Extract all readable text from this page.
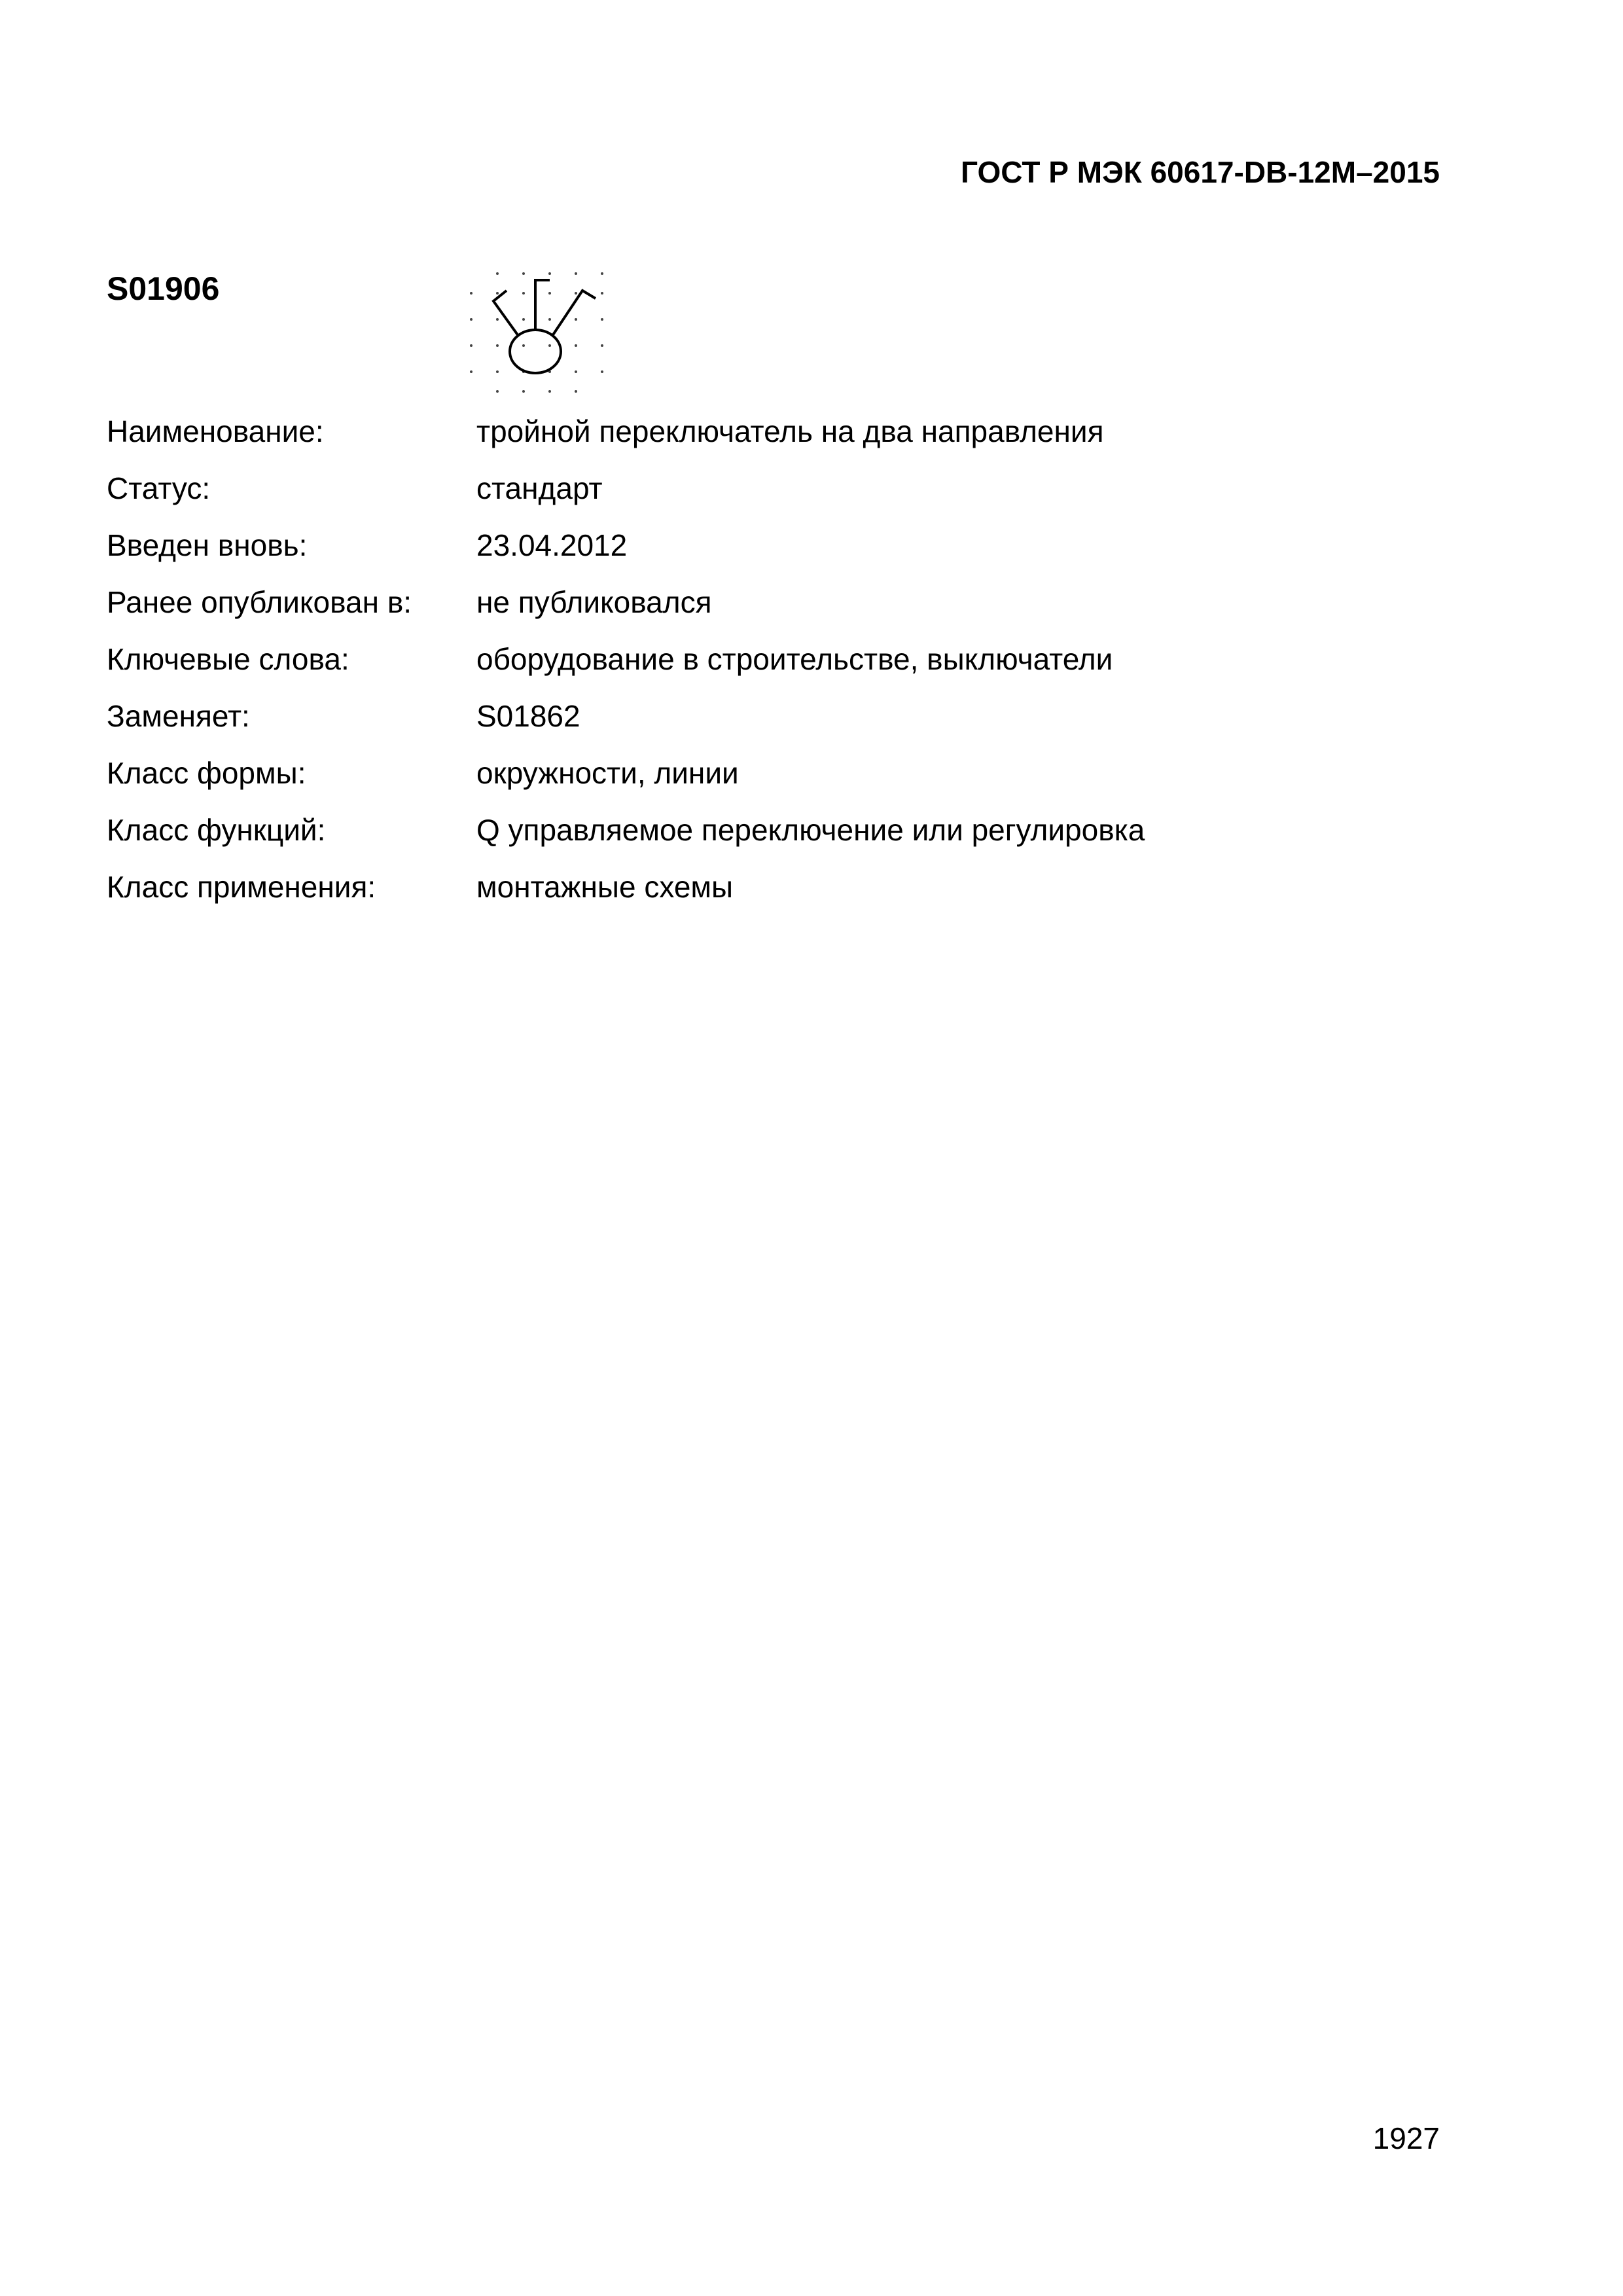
ГОСТ Р МЭК 60617-DB-12M–2015
S01906
Наименование:	тройной переключатель на два направления
Статус:	стандарт
Введен вновь:	23.04.2012
Ранее опубликован в:	не публиковался
Ключевые слова:	оборудование в строительстве, выключатели
Заменяет:	S01862
Класс формы:	окружности, линии
Класс функций:	Q управляемое переключение или регулировка
Класс применения:	монтажные схемы
1927
